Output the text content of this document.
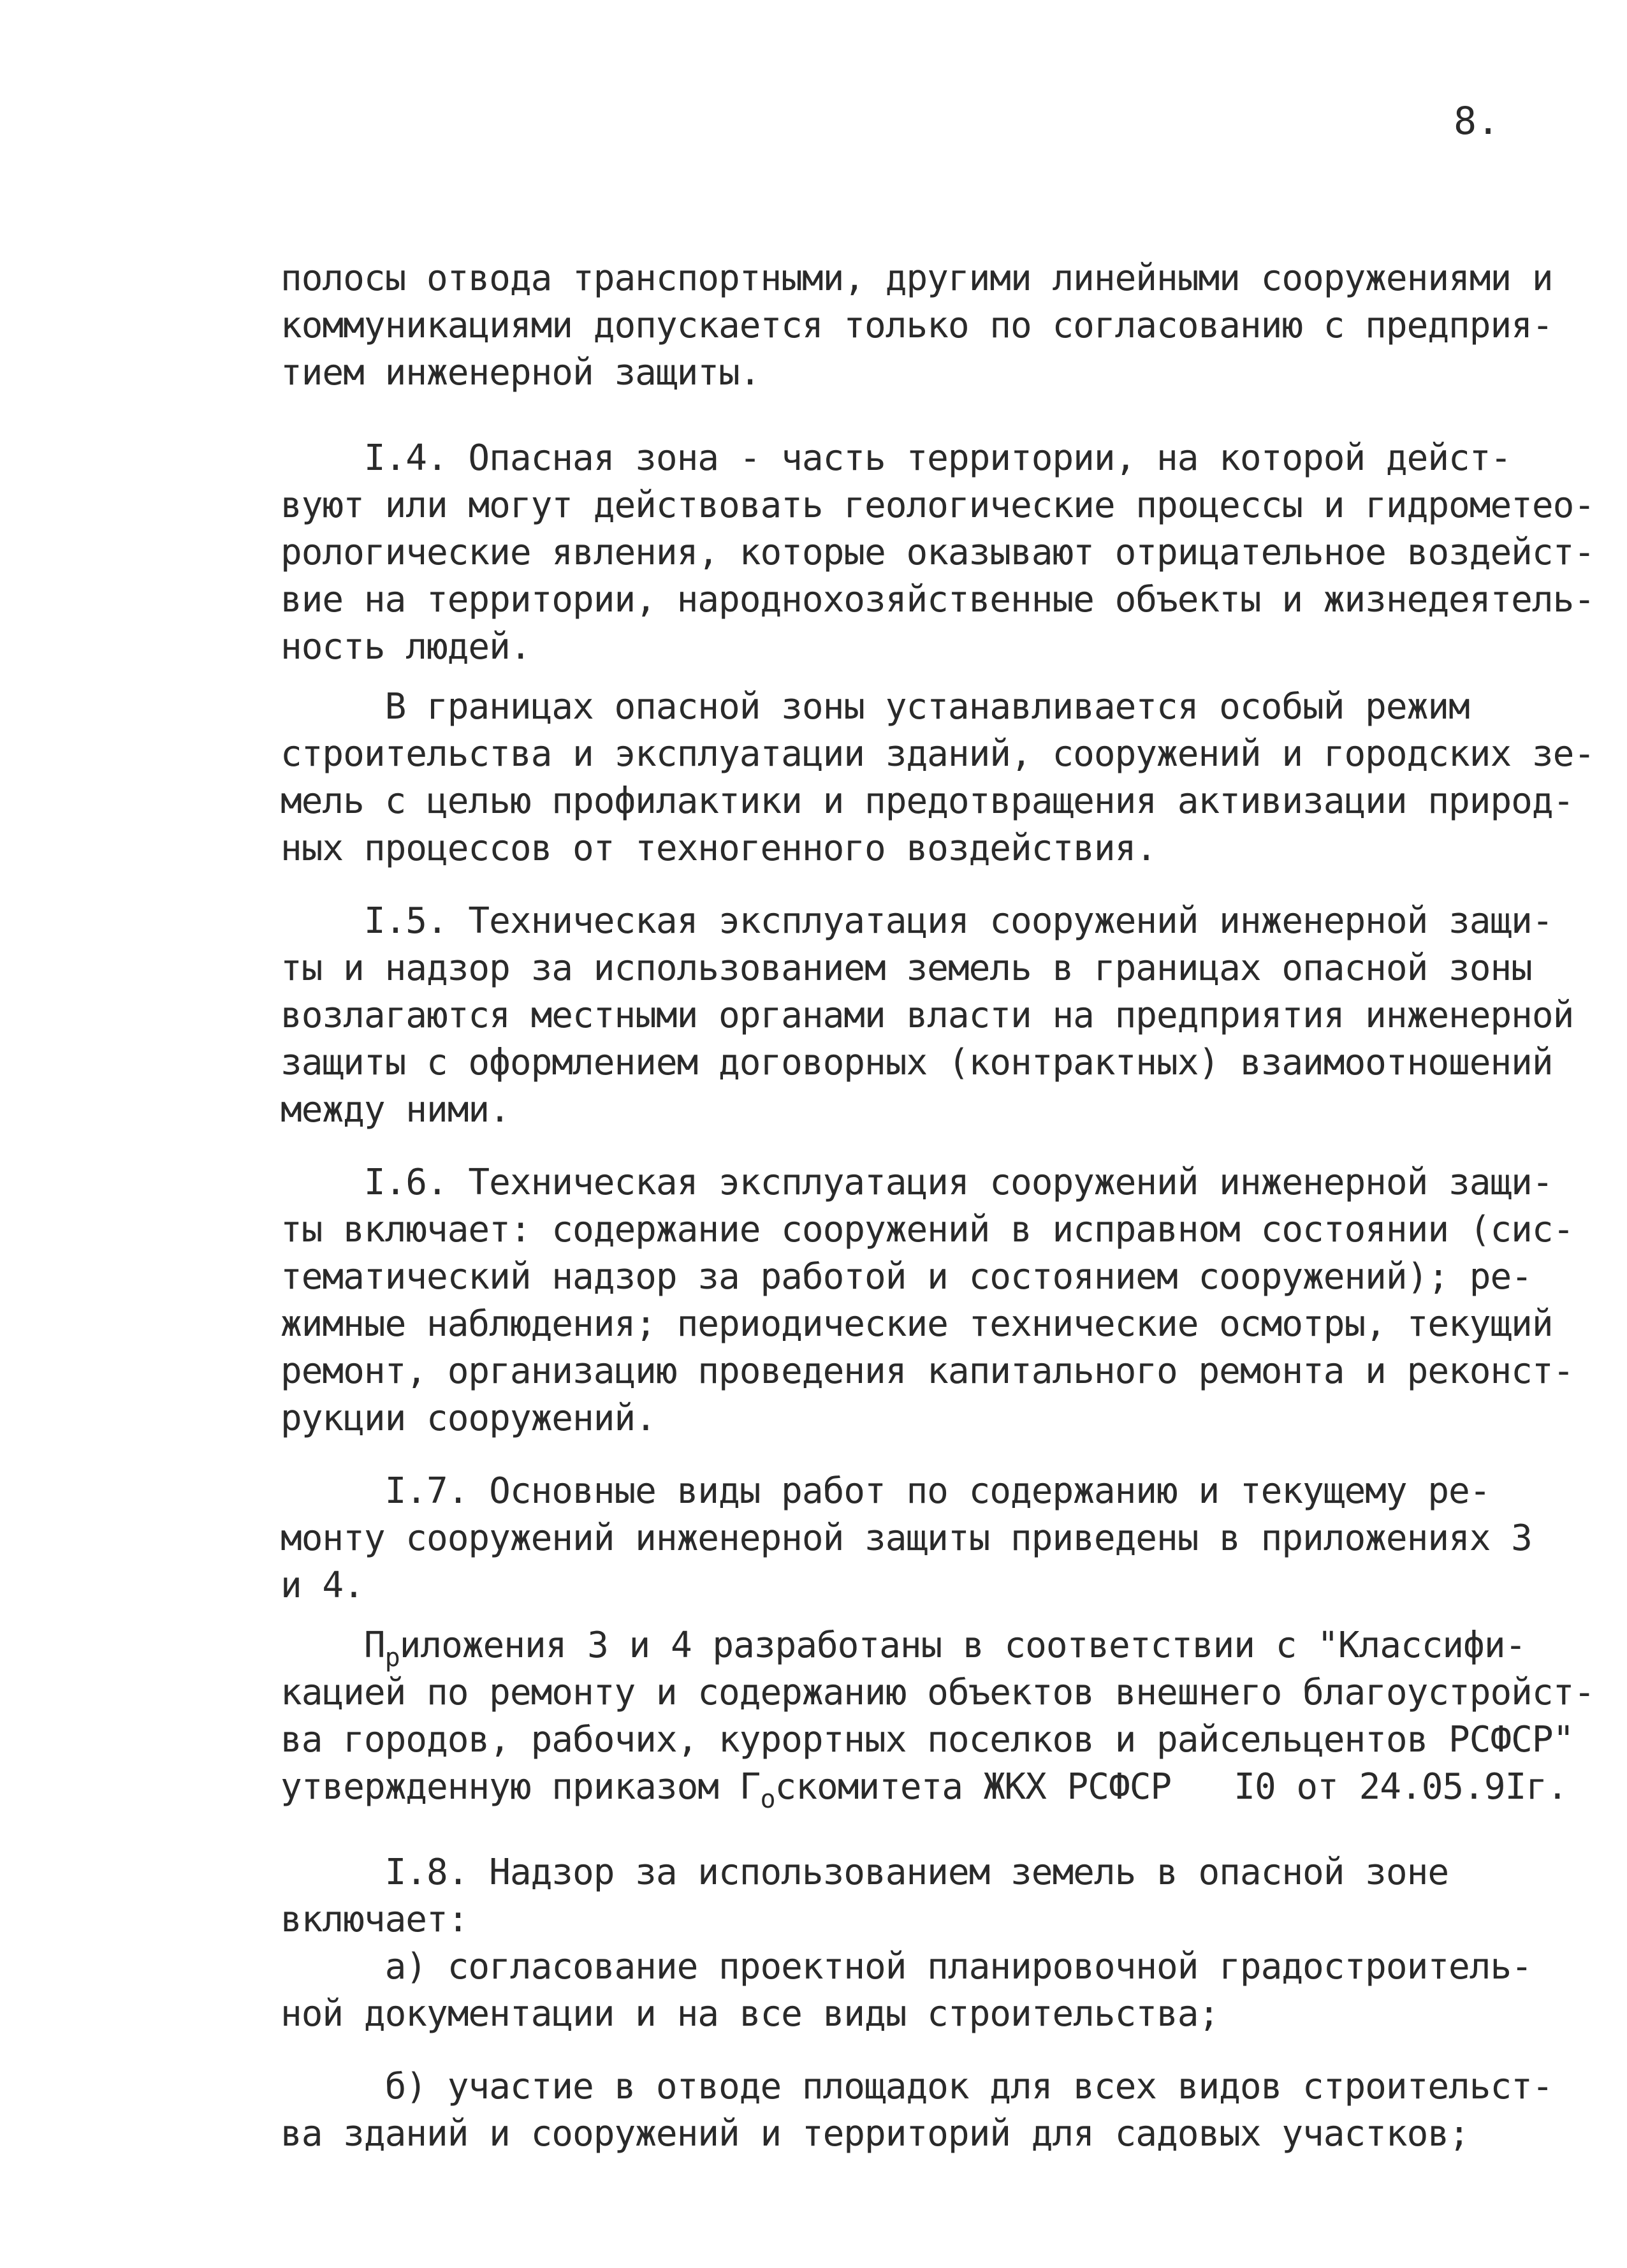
8.
полосы отвода транспортными, другими линейными сооружениями и
коммуникациями допускается только по согласованию с предприя-
тием инженерной защиты.
I.4. Опасная зона - часть территории, на которой дейст-
вуют или могут действовать геологические процессы и гидрометео-
рологические явления, которые оказывают отрицательное воздейст-
вие на территории, народнохозяйственные объекты и жизнедеятель-
ность людей.
В границах опасной зоны устанавливается особый режим
строительства и эксплуатации зданий, сооружений и городских зе-
мель с целью профилактики и предотвращения активизации природ-
ных процессов от техногенного воздействия.
I.5. Техническая эксплуатация сооружений инженерной защи-
ты и надзор за использованием земель в границах опасной зоны
возлагаются местными органами власти на предприятия инженерной
защиты с оформлением договорных (контрактных) взаимоотношений
между ними.
I.6. Техническая эксплуатация сооружений инженерной защи-
ты включает: содержание сооружений в исправном состоянии (сис-
тематический надзор за работой и состоянием сооружений); ре-
жимные наблюдения; периодические технические осмотры, текущий
ремонт, организацию проведения капитального ремонта и реконст-
рукции сооружений.
I.7. Основные виды работ по содержанию и текущему ре-
монту сооружений инженерной защиты приведены в приложениях 3
и 4.
$П_риложения$ 3 и 4 разработаны в соответствии с "Классифи-
кацией по ремонту и содержанию объектов внешнего благоустройст-
ва городов, рабочих, курортных поселков и райсельцентов РСФСР"
утвержденную приказом $Г_оскомитета$ ЖКХ РСФСР   I0 от 24.05.9Iг.
I.8. Надзор за использованием земель в опасной зоне
включает:
а) согласование проектной планировочной градостроитель-
ной документации и на все виды строительства;
б) участие в отводе площадок для всех видов строительст-
ва зданий и сооружений и территорий для садовых участков;
